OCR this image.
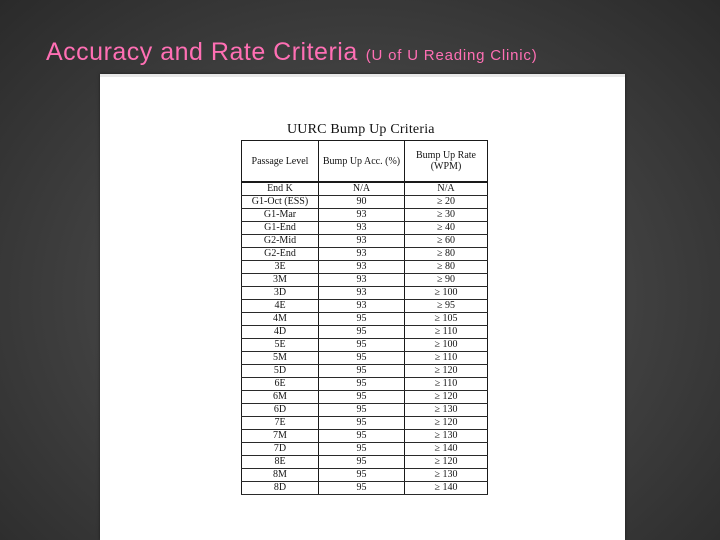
Accuracy and Rate Criteria (U of U Reading Clinic)
UURC Bump Up Criteria
Passage Level	Bump Up Acc. (%)	Bump Up Rate (WPM)
End K	N/A	N/A
G1-Oct (ESS)	90	≥ 20
G1-Mar	93	≥ 30
G1-End	93	≥ 40
G2-Mid	93	≥ 60
G2-End	93	≥ 80
3E	93	≥ 80
3M	93	≥ 90
3D	93	≥ 100
4E	93	≥ 95
4M	95	≥ 105
4D	95	≥ 110
5E	95	≥ 100
5M	95	≥ 110
5D	95	≥ 120
6E	95	≥ 110
6M	95	≥ 120
6D	95	≥ 130
7E	95	≥ 120
7M	95	≥ 130
7D	95	≥ 140
8E	95	≥ 120
8M	95	≥ 130
8D	95	≥ 140
